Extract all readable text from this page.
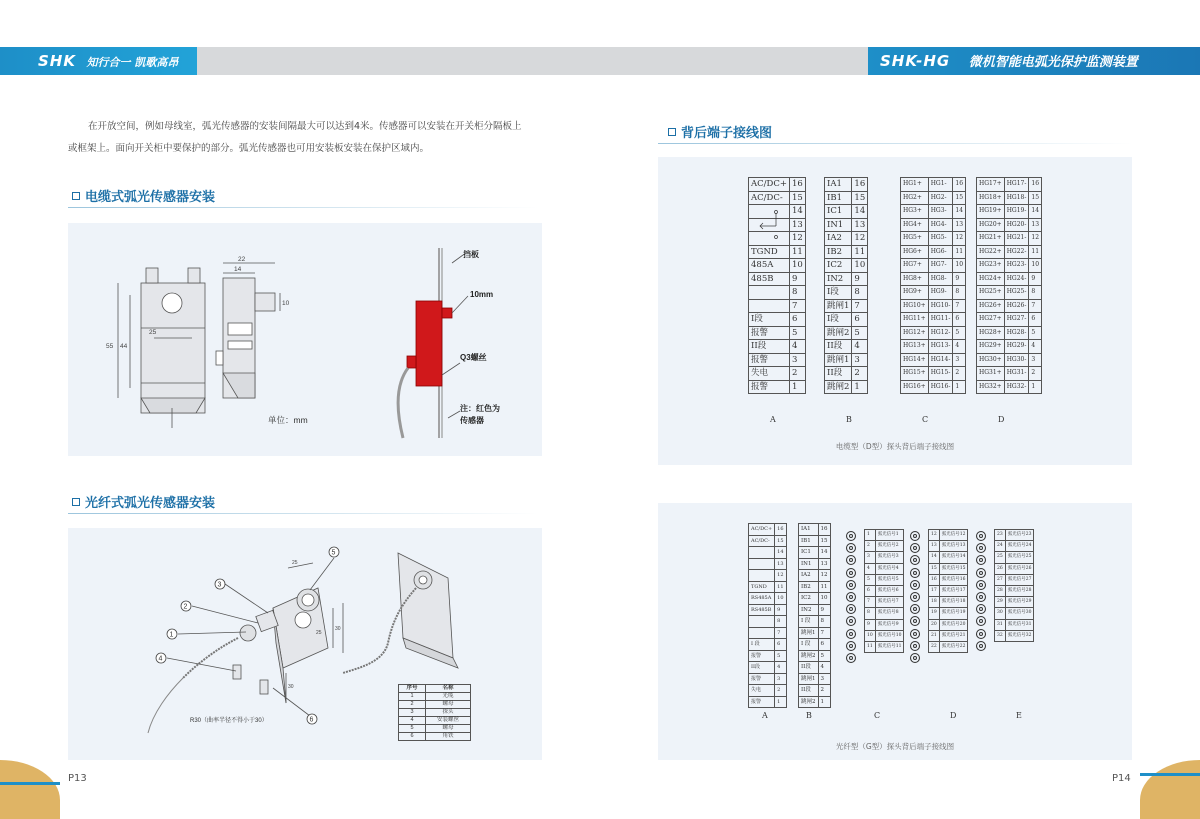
SHK 知行合一 凯歌高昂	SHK-HG 微机智能电弧光保护监测装置
在开放空间，例如母线室，弧光传感器的安装间隔最大可以达到4米。传感器可以安装在开关柜分隔板上
或框架上。面向开关柜中要保护的部分。弧光传感器也可用安装板安装在保护区域内。
电缆式弧光传感器安装
22
14
10
25
55 44
单位：mm
挡板
10mm
Q3螺丝
注：红色为
传感器
光纤式弧光传感器安装
1
2
3
4
5
6
25
30
25
30
R30（曲率半径不得小于30）
序号	名称
1	光缆
2	螺母
3	探头
4	安装螺丝
5	螺母
6	角铁
P13
背后端子接线图
AC/DC+	16
AC/DC-	15
	14
	13
	12
TGND	11
485A	10
485B	9
	8
	7
I段	6
报警	5
II段	4
报警	3
失电	2
报警	1
A
IA1	16
IB1	15
IC1	14
IN1	13
IA2	12
IB2	11
IC2	10
IN2	9
I段	8
跳闸1	7
I段	6
跳闸2	5
II段	4
跳闸1	3
II段	2
跳闸2	1
B
HG1+	HG1-	16
HG2+	HG2-	15
HG3+	HG3-	14
HG4+	HG4-	13
HG5+	HG5-	12
HG6+	HG6-	11
HG7+	HG7-	10
HG8+	HG8-	9
HG9+	HG9-	8
HG10+	HG10-	7
HG11+	HG11-	6
HG12+	HG12-	5
HG13+	HG13-	4
HG14+	HG14-	3
HG15+	HG15-	2
HG16+	HG16-	1
C
HG17+	HG17-	16
HG18+	HG18-	15
HG19+	HG19-	14
HG20+	HG20-	13
HG21+	HG21-	12
HG22+	HG22-	11
HG23+	HG23-	10
HG24+	HG24-	9
HG25+	HG25-	8
HG26+	HG26-	7
HG27+	HG27-	6
HG28+	HG28-	5
HG29+	HG29-	4
HG30+	HG30-	3
HG31+	HG31-	2
HG32+	HG32-	1
D
电缆型（D型）探头背后端子接线图
AC/DC+	16
AC/DC-	15
	14
	13
	12
TGND	11
RS485A	10
RS485B	9
	8
	7
I 段	6
报警	5
II段	4
报警	3
失电	2
报警	1
IA1	16
IB1	15
IC1	14
IN1	13
IA2	12
IB2	11
IC2	10
IN2	9
I 段	8
跳闸1	7
I 段	6
跳闸2	5
II段	4
跳闸1	3
II段	2
跳闸2	1
1	弧光信号1
2	弧光信号2
3	弧光信号3
4	弧光信号4
5	弧光信号5
6	弧光信号6
7	弧光信号7
8	弧光信号8
9	弧光信号9
10	弧光信号10
11	弧光信号11
12	弧光信号12
13	弧光信号13
14	弧光信号14
15	弧光信号15
16	弧光信号16
17	弧光信号17
18	弧光信号18
19	弧光信号19
20	弧光信号20
21	弧光信号21
22	弧光信号22
23	弧光信号23
24	弧光信号24
25	弧光信号25
26	弧光信号26
27	弧光信号27
28	弧光信号28
29	弧光信号29
30	弧光信号30
31	弧光信号31
32	弧光信号32
A	B	C	D	E
光纤型（G型）探头背后端子接线图
P14
